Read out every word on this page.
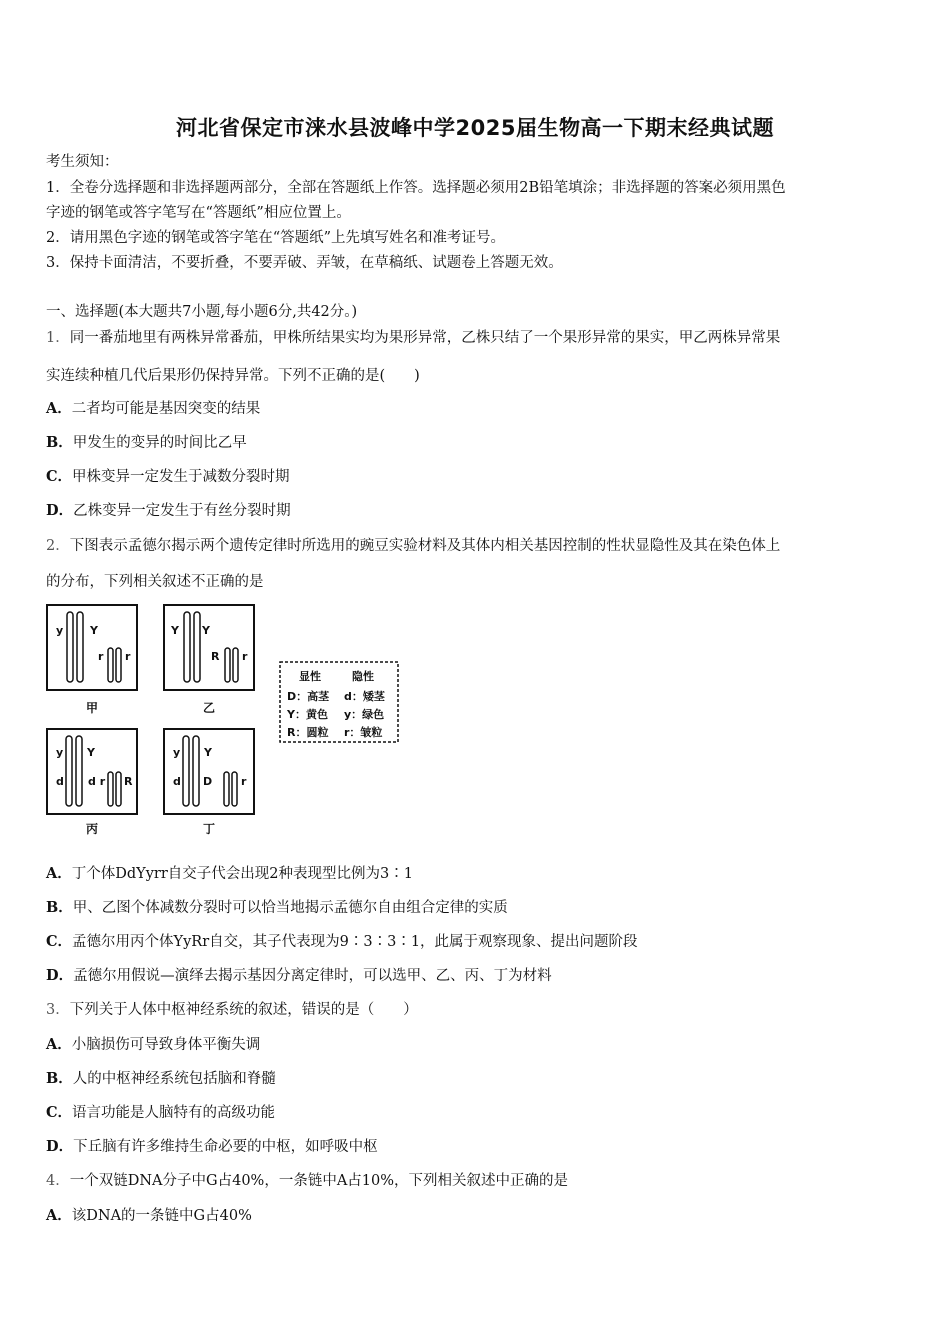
河北省保定市涞水县波峰中学2025届生物高一下期末经典试题
考生须知：
1．全卷分选择题和非选择题两部分，全部在答题纸上作答。选择题必须用2B铅笔填涂；非选择题的答案必须用黑色
字迹的钢笔或答字笔写在“答题纸”相应位置上。
2．请用黑色字迹的钢笔或答字笔在“答题纸”上先填写姓名和准考证号。
3．保持卡面清洁，不要折叠，不要弄破、弄皱，在草稿纸、试题卷上答题无效。
一、选择题(本大题共7小题,每小题6分,共42分。)
1．同一番茄地里有两株异常番茄，甲株所结果实均为果形异常，乙株只结了一个果形异常的果实，甲乙两株异常果
实连续种植几代后果形仍保持异常。下列不正确的是(　　)
A．二者均可能是基因突变的结果
B．甲发生的变异的时间比乙早
C．甲株变异一定发生于减数分裂时期
D．乙株变异一定发生于有丝分裂时期
2．下图表示孟德尔揭示两个遗传定律时所选用的豌豆实验材料及其体内相关基因控制的性状显隐性及其在染色体上
的分布，下列相关叙述不正确的是
y Y
r r
甲
Y Y
R r
乙
y Y
d d r R
丙
y Y
d D	r
丁
显性	隐性
D：高茎 d：矮茎
Y：黄色 y：绿色
R：圆粒 r：皱粒
A．丁个体DdYyrr自交子代会出现2种表现型比例为3∶1
B．甲、乙图个体减数分裂时可以恰当地揭示孟德尔自由组合定律的实质
C．孟德尔用丙个体YyRr自交，其子代表现为9∶3∶3∶1，此属于观察现象、提出问题阶段
D．孟德尔用假说—演绎去揭示基因分离定律时，可以选甲、乙、丙、丁为材料
3．下列关于人体中枢神经系统的叙述，错误的是（　　）
A．小脑损伤可导致身体平衡失调
B．人的中枢神经系统包括脑和脊髓
C．语言功能是人脑特有的高级功能
D．下丘脑有许多维持生命必要的中枢，如呼吸中枢
4．一个双链DNA分子中G占40%，一条链中A占10%，下列相关叙述中正确的是
A．该DNA的一条链中G占40%
